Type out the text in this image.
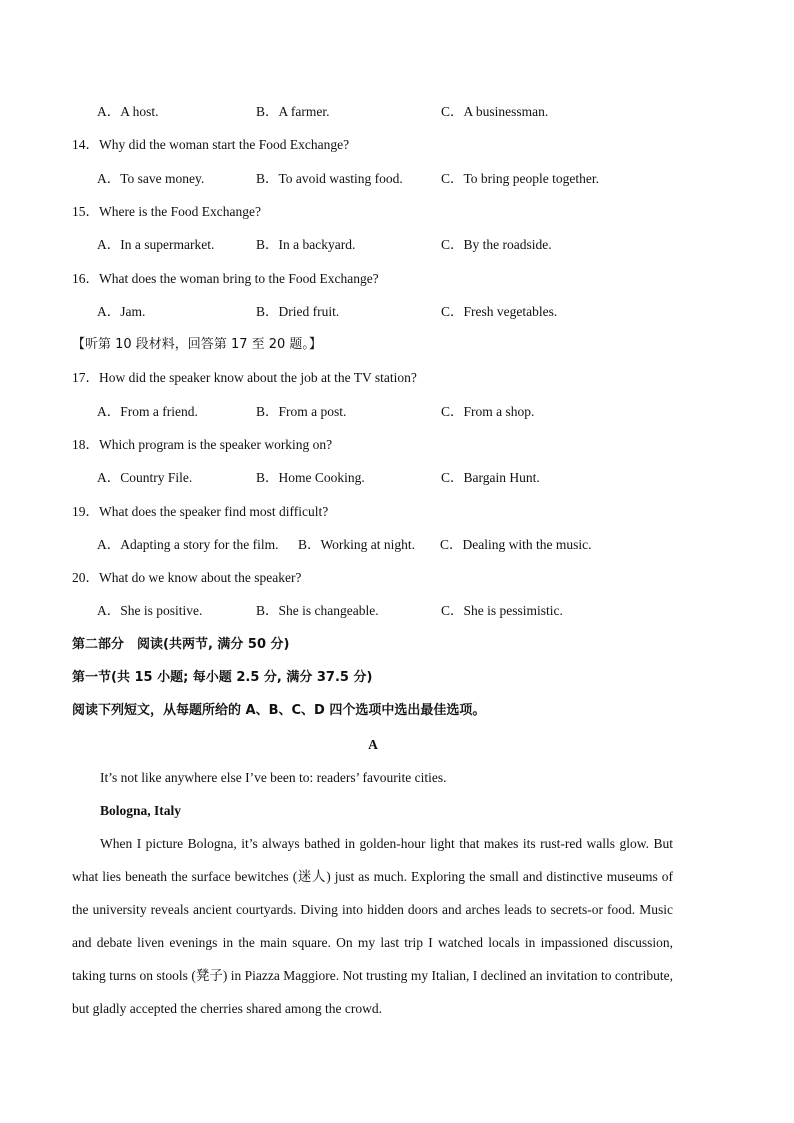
A．A host.	B．A farmer.	C．A businessman.
14．Why did the woman start the Food Exchange?
A．To save money.	B．To avoid wasting food.	C．To bring people together.
15．Where is the Food Exchange?
A．In a supermarket.	B．In a backyard.	C．By the roadside.
16．What does the woman bring to the Food Exchange?
A．Jam.	B．Dried fruit.	C．Fresh vegetables.
【听第 10 段材料，回答第 17 至 20 题。】
17．How did the speaker know about the job at the TV station?
A．From a friend.	B．From a post.	C．From a shop.
18．Which program is the speaker working on?
A．Country File.	B．Home Cooking.	C．Bargain Hunt.
19．What does the speaker find most difficult?
A．Adapting a story for the film. B．Working at night. C．Dealing with the music.
20．What do we know about the speaker?
A．She is positive.	B．She is changeable.	C．She is pessimistic.
第二部分　阅读(共两节, 满分 50 分)
第一节(共 15 小题; 每小题 2.5 分, 满分 37.5 分)
阅读下列短文，从每题所给的 A、B、C、D 四个选项中选出最佳选项。
A
It’s not like anywhere else I’ve been to: readers’ favourite cities.
Bologna, Italy
When I picture Bologna, it’s always bathed in golden-hour light that makes its rust-red walls glow. But what lies beneath the surface bewitches (迷人) just as much. Exploring the small and distinctive museums of the university reveals ancient courtyards. Diving into hidden doors and arches leads to secrets-or food. Music and debate liven evenings in the main square. On my last trip I watched locals in impassioned discussion, taking turns on stools (凳子) in Piazza Maggiore. Not trusting my Italian, I declined an invitation to contribute, but gladly accepted the cherries shared among the crowd.
